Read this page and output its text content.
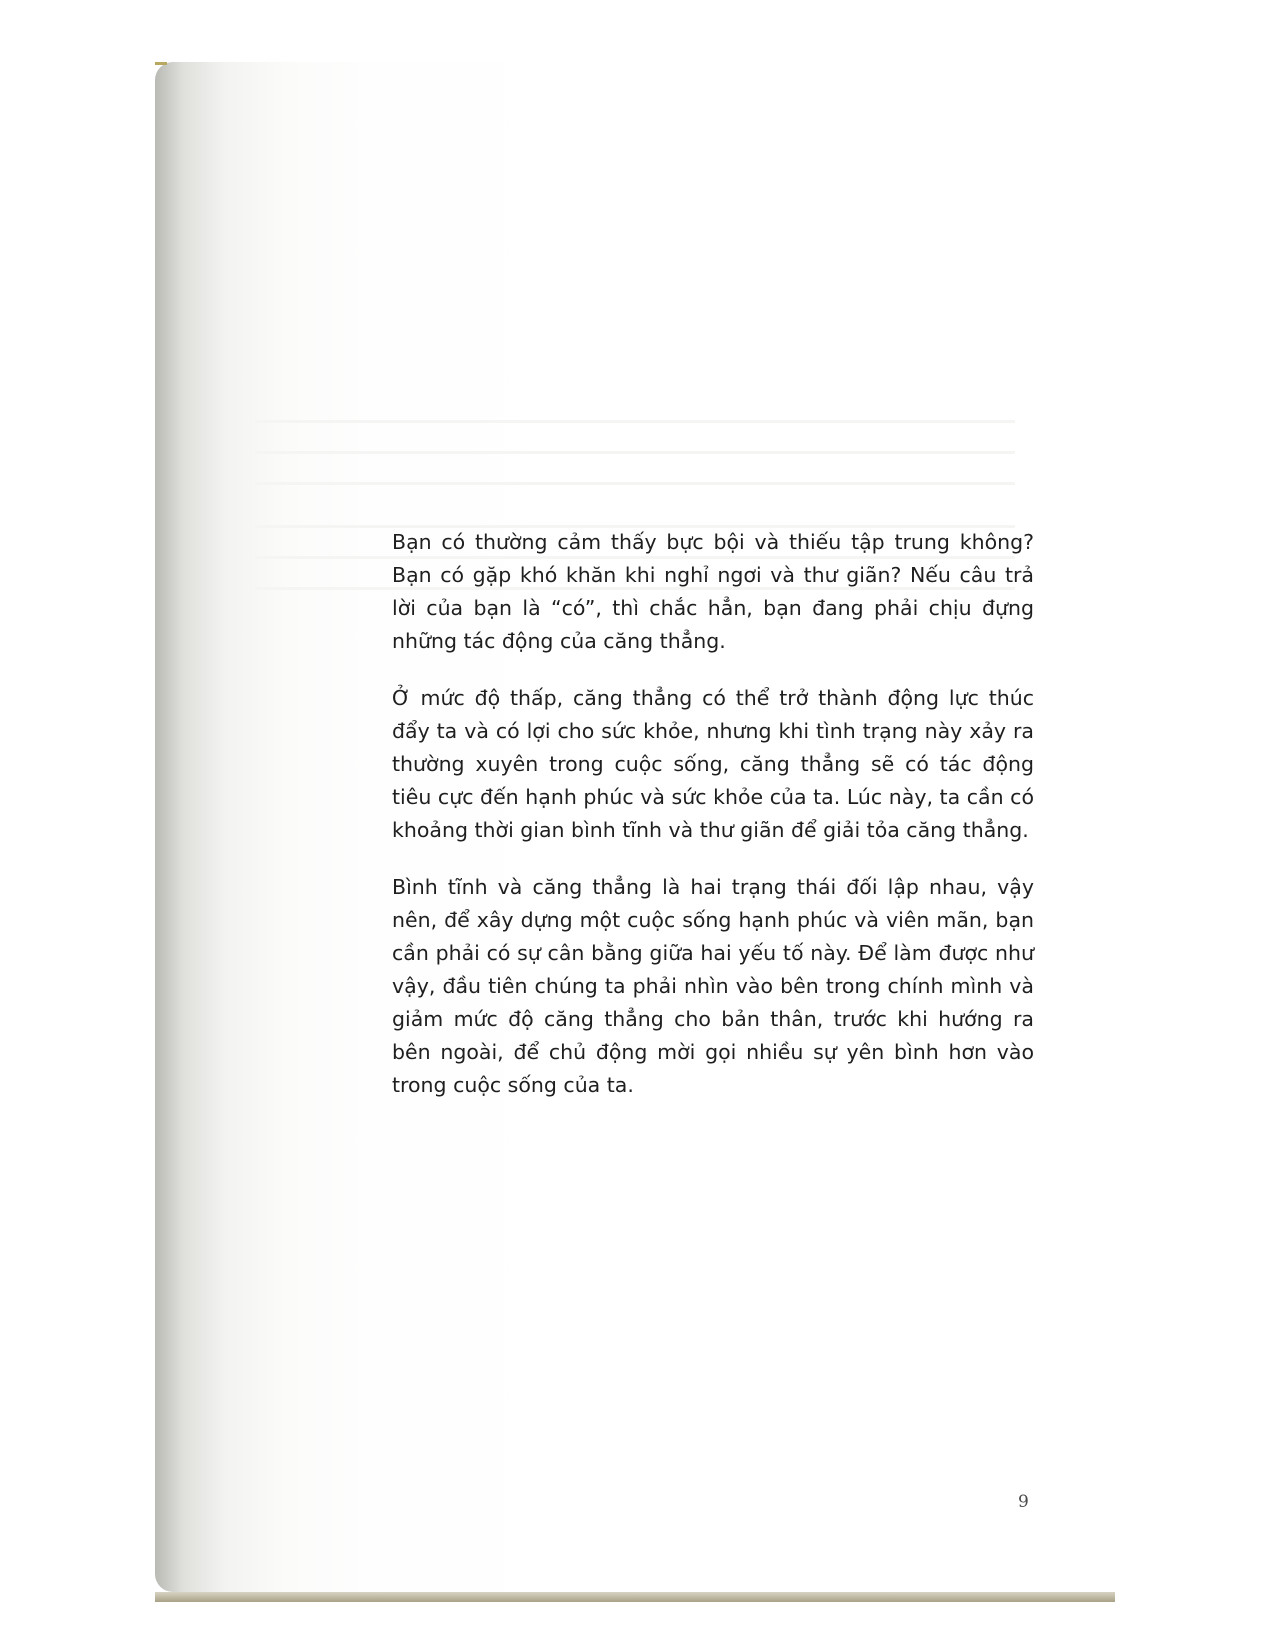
Bạn có thường cảm thấy bực bội và thiếu tập trung không? Bạn có gặp khó khăn khi nghỉ ngơi và thư giãn? Nếu câu trả lời của bạn là “có”, thì chắc hẳn, bạn đang phải chịu đựng những tác động của căng thẳng.

Ở mức độ thấp, căng thẳng có thể trở thành động lực thúc đẩy ta và có lợi cho sức khỏe, nhưng khi tình trạng này xảy ra thường xuyên trong cuộc sống, căng thẳng sẽ có tác động tiêu cực đến hạnh phúc và sức khỏe của ta. Lúc này, ta cần có khoảng thời gian bình tĩnh và thư giãn để giải tỏa căng thẳng.

Bình tĩnh và căng thẳng là hai trạng thái đối lập nhau, vậy nên, để xây dựng một cuộc sống hạnh phúc và viên mãn, bạn cần phải có sự cân bằng giữa hai yếu tố này. Để làm được như vậy, đầu tiên chúng ta phải nhìn vào bên trong chính mình và giảm mức độ căng thẳng cho bản thân, trước khi hướng ra bên ngoài, để chủ động mời gọi nhiều sự yên bình hơn vào trong cuộc sống của ta.

9
